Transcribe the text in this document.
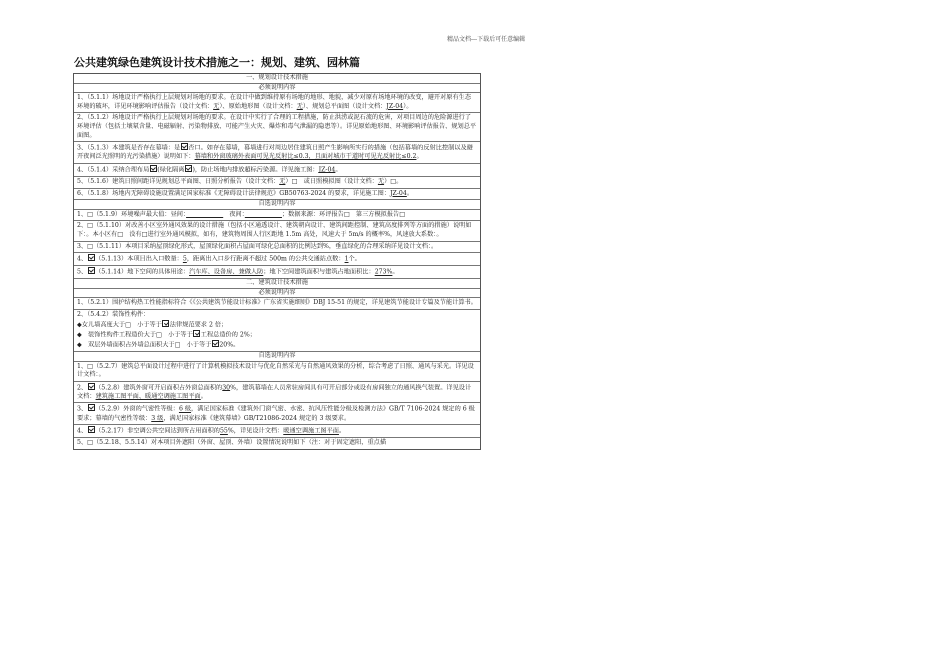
精品文档---下载后可任意编辑
公共建筑绿色建筑设计技术措施之一：规划、建筑、园林篇
一、规划设计技术措施
必须说明内容
1、（5.1.1）场地设计严格执行上层规划对场地的要求。在设计中做到维持原有场地的地形、地貌，减少对原有场地环境的改变，避开对原有生态环境的破坏，详见环境影响评估报告（设计文档：无）、原始地形图（设计文档：无）、规划总平面图（设计文档：JZ-04）。
2、（5.1.2）场地设计严格执行上层规划对场地的要求。在设计中实行了合理的工程措施，防止洪涝或泥石流的危害，对项目周边的危险源进行了环境评估（包括土壤氡含量、电磁辐射、污染物排放、可能产生火灾、爆炸和毒气泄漏的隐患等）。详见原始地形图、环境影响评估报告、规划总平面图。
3、（5.1.3）本建筑是否存在幕墙：是 否口。如存在幕墙，幕墙进行对周边居住建筑日照产生影响所实行的措施（包括幕墙的反射比控制以及避开夜间泛光照明的光污染措施）说明如下：幕墙和外窗玻璃外表面可见光反射比≤0.3，且面对城市干道时可见光反射比≤0.2。
4、（5.1.4）采纳合理布局 (绿化隔离 )，防止场地内排放超标污染源。详见施工图：JZ-04。
5、（5.1.6）建筑日照间距详见规划总平面图、日照分析报告（设计文档：无）□　或日照模拟图（设计文档：无）□。
6、（5.1.8）场地内无障碍设施设置满足国家标准《无障碍设计法律规范》GB50763-2024 的要求，详见施工图：JZ-04。
自选说明内容
1、□（5.1.9）环境噪声最大值：昼间：　　　　　　	　夜间：　　　　　　	；数据来源：环评报告□　第三方模拟报告□
2、□（5.1.10）对改善小区室外通风效果的设计措施（包括小区通透设计、建筑朝向设计、建筑间距控制、建筑高度排列等方面的措施）说明如下：。本小区有□　没有□进行室外通风模拟，如有，建筑物周围人行区距地 1.5m 高处，风速大于 5m/s 的概率%，风速放大系数：。
3、□（5.1.11）本项目采纳屋顶绿化形式，屋顶绿化面积占屋面可绿化总面积的比例达到%，垂直绿化的合理采纳详见设计文档：。
4、 （5.1.13）本项目出入口数量：5，距离出入口步行距离不超过 500m 的公共交通站点数：1个。
5、 （5.1.14）地下空间的具体用途：汽车库、设备房、兼做人防；地下空间建筑面积与建筑占地面积比：273%。
二、建筑设计技术措施
必须说明内容
1、（5.2.1）围护结构热工性能指标符合《《公共建筑节能设计标准》广东省实施细则》DBJ 15-51 的规定，详见建筑节能设计专篇及节能计算书。
2、（5.4.2）装饰性构件：
◆女儿墙高度大于□　小于等于 法律规范要求 2 倍；
◆　装饰性构件工程造价大于□　小于等于 工程总造价的 2%；
◆　双层外墙面积占外墙总面积大于□　小于等于 20%。
自选说明内容
1、□（5.2.7）建筑总平面设计过程中进行了计算机模拟技术设计与优化自然采光与自然通风效果的分析，综合考虑了日照、通风与采光。详见设计文档：。
2、 （5.2.8）建筑外窗可开启面积占外窗总面积的30%，建筑幕墙在人员常驻房间具有可开启部分或设有房间独立的通风换气装置。详见设计文档：建筑施工图平面、暖通空调施工图平面。
3、 （5.2.9）外窗的气密性等级：6 级，满足国家标准《建筑外门窗气密、水密、抗风压性能分级及检测方法》GB/T 7106-2024 规定的 6 级要求；幕墙的气密性等级：3 级，满足国家标准《建筑幕墙》GB/T21086-2024 规定的 3 级要求。
4、 （5.2.17）非空调公共空间达到所占用面积的55%，详见设计文档：暖通空调施工图平面。
5、□（5.2.18、5.5.14）对本项目外遮阳（外窗、屋顶、外墙）设置情况说明如下（注：对于固定遮阳，重点描
